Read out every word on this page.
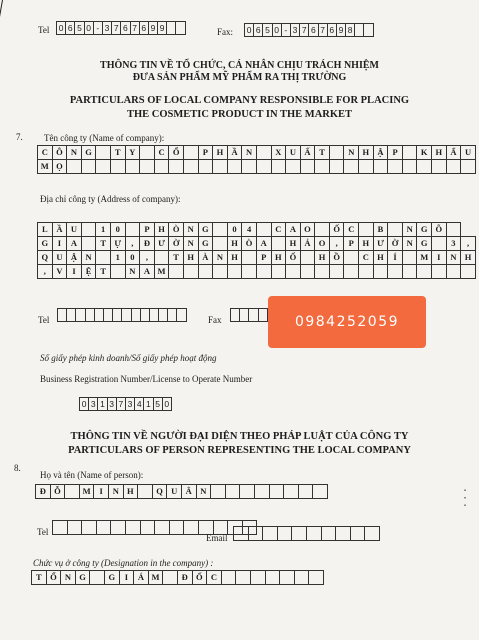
Tel	0 6 5 0 - 3 7 6 7 6 9 9	Fax:	0 6 5 0 - 3 7 6 7 6 9 8
THÔNG TIN VỀ TỔ CHỨC, CÁ NHÂN CHỊU TRÁCH NHIỆM
ĐƯA SẢN PHẨM MỸ PHẨM RA THỊ TRƯỜNG
PARTICULARS OF LOCAL COMPANY RESPONSIBLE FOR PLACING
THE COSMETIC PRODUCT IN THE MARKET
7. Tên công ty (Name of company):
C Ô N G	T	Y	C Ổ	P	H Ầ N	X U Ấ	T	N H Ậ	P	K H Ẩ U
M Ọ
Địa chỉ công ty (Address of company):
L	Ầ U	1	0	P	H Ò N G	0	4	C A O	Ố C	B	N G Õ
G	I	A	T Ự	,	Đ Ư Ờ N G	H Ò A	H Ả O	,	P	H Ư Ờ N G	3	,
Q U Ậ N	1	0	,	T H À N H	P	H Ố	H Ồ	C H	Í	M	I	N H
,	V	I	Ệ	T	N A M
Tel	Fax	0984252059
Số giấy phép kinh doanh/Số giấy phép hoạt động
Business Registration Number/License to Operate Number
0 3 1 3 7 3 4 1 5 0
THÔNG TIN VỀ NGƯỜI ĐẠI DIỆN THEO PHÁP LUẬT CỦA CÔNG TY
PARTICULARS OF PERSON REPRESENTING THE LOCAL COMPANY
8.
Họ và tên (Name of person):
Đ Ỗ	M	I	N H	Q U Â N
Tel
Email
Chức vụ ở công ty (Designation in the company) :
T Ổ N G	G	I	Á M	Đ Ố C
▪ ▪ ▪
